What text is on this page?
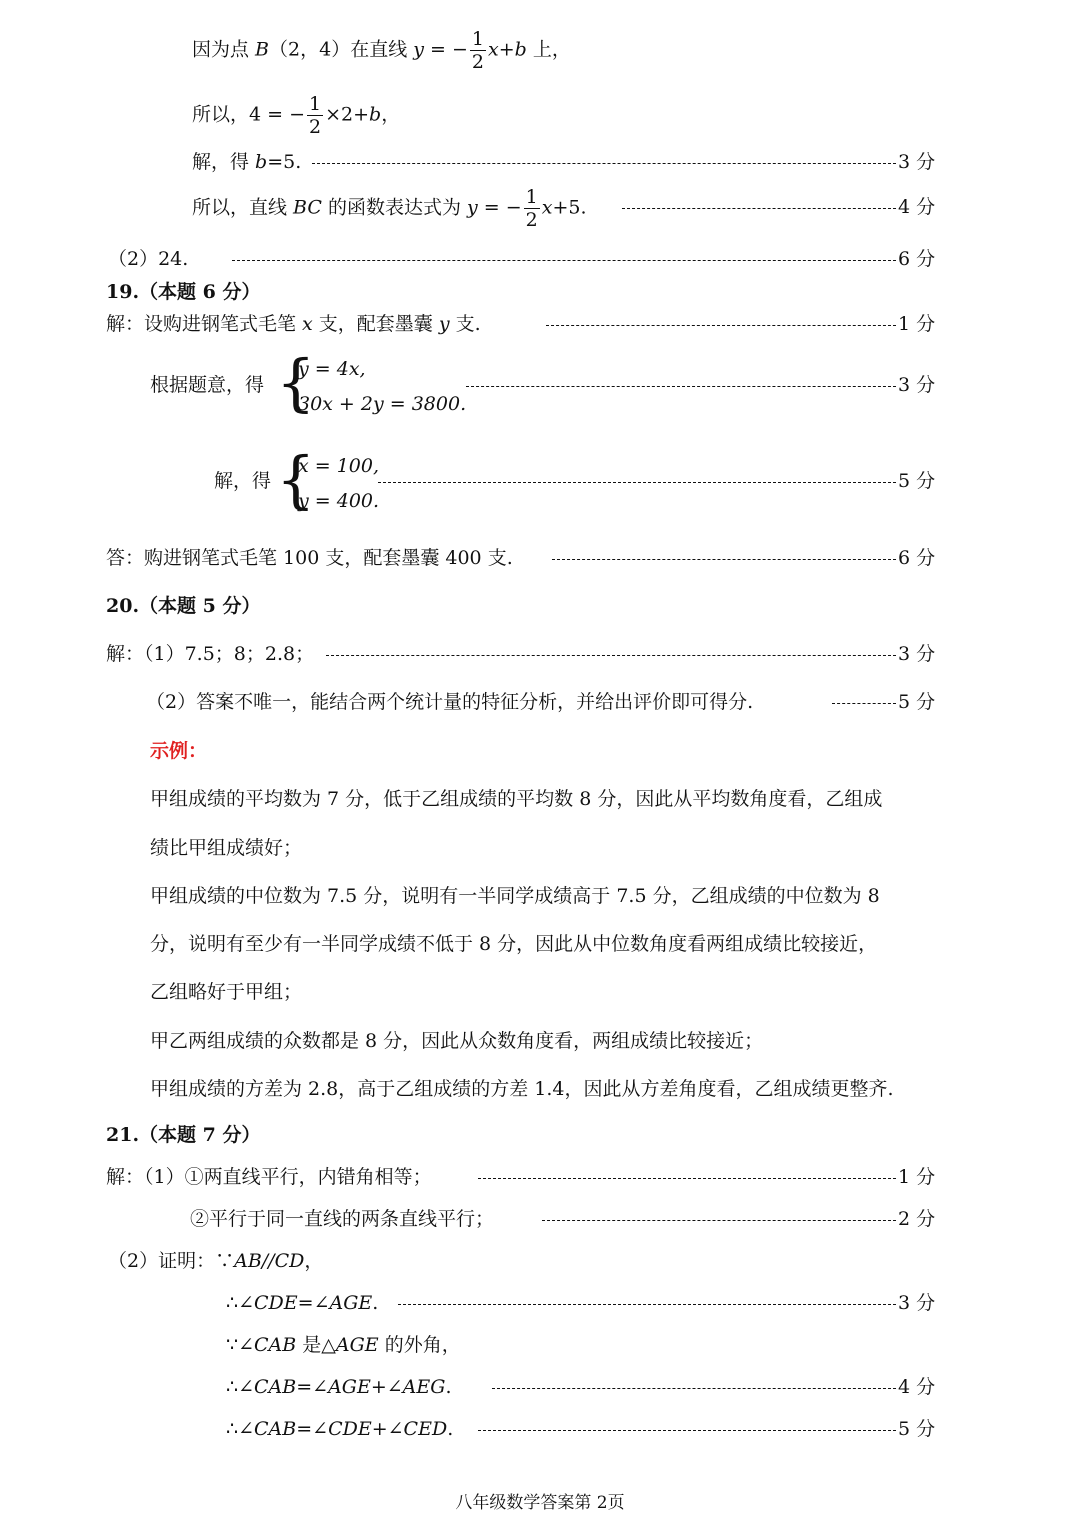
因为点 B（2，4）在直线 y = − $\frac{1}{2} x+b$ 上，
所以，4 = − $\frac{1}{2} \times 2+b$，
解，得 b=5.	3 分
所以，直线 BC 的函数表达式为 y = − $\frac{1}{2} x+5$.	4 分
（2）24.	6 分
19.（本题 6 分）
解：设购进钢笔式毛笔 x 支，配套墨囊 y 支.	1 分
根据题意，得 {
y = 4x,
30x + 2y = 3800.
3 分
解，得 {
x = 100,
y = 400.
5 分
答：购进钢笔式毛笔 100 支，配套墨囊 400 支.	6 分
20.（本题 5 分）
解：（1）7.5；8；2.8；	3 分
（2）答案不唯一，能结合两个统计量的特征分析，并给出评价即可得分.	5 分
示例：
甲组成绩的平均数为 7 分，低于乙组成绩的平均数 8 分，因此从平均数角度看，乙组成
绩比甲组成绩好；
甲组成绩的中位数为 7.5 分，说明有一半同学成绩高于 7.5 分，乙组成绩的中位数为 8
分，说明有至少有一半同学成绩不低于 8 分，因此从中位数角度看两组成绩比较接近，
乙组略好于甲组；
甲乙两组成绩的众数都是 8 分，因此从众数角度看，两组成绩比较接近；
甲组成绩的方差为 2.8，高于乙组成绩的方差 1.4，因此从方差角度看，乙组成绩更整齐.
21.（本题 7 分）
解：（1）①两直线平行，内错角相等；	1 分
②平行于同一直线的两条直线平行；	2 分
（2）证明：∵AB//CD，
∴∠CDE=∠AGE.	3 分
∵∠CAB 是△AGE 的外角，
∴∠CAB=∠AGE+∠AEG.	4 分
∴∠CAB=∠CDE+∠CED.	5 分
八年级数学答案第 2页
